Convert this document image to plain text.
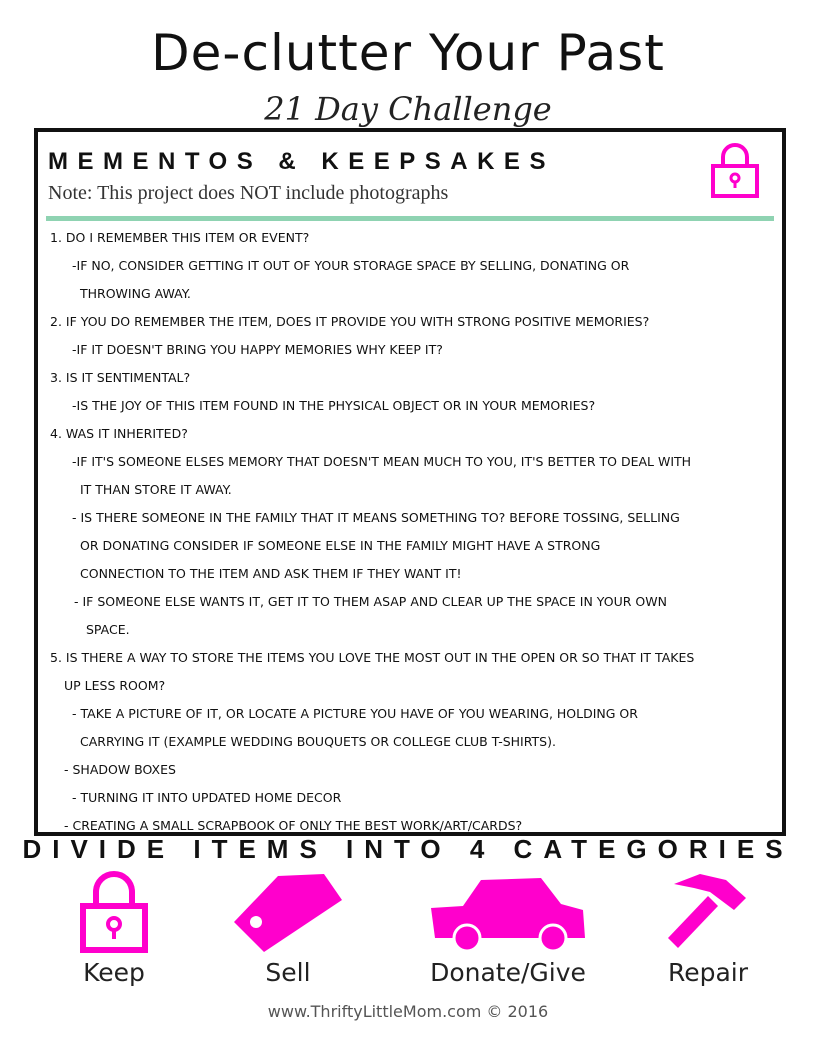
De-clutter Your Past
21 Day Challenge
MEMENTOS & KEEPSAKES
Note: This project does NOT include photographs
1. DO I REMEMBER THIS ITEM OR EVENT?
-IF NO, CONSIDER GETTING IT OUT OF YOUR STORAGE SPACE BY SELLING, DONATING OR
THROWING AWAY.
2. IF YOU DO REMEMBER THE ITEM, DOES IT PROVIDE YOU WITH STRONG POSITIVE MEMORIES?
-IF IT DOESN'T BRING YOU HAPPY MEMORIES WHY KEEP IT?
3. IS IT SENTIMENTAL?
-IS THE JOY OF THIS ITEM FOUND IN THE PHYSICAL OBJECT OR IN YOUR MEMORIES?
4. WAS IT INHERITED?
-IF IT'S SOMEONE ELSES MEMORY THAT DOESN'T MEAN MUCH TO YOU, IT'S BETTER TO DEAL WITH
IT THAN STORE IT AWAY.
- IS THERE SOMEONE IN THE FAMILY THAT IT MEANS SOMETHING TO? BEFORE TOSSING, SELLING
OR DONATING CONSIDER IF SOMEONE ELSE IN THE FAMILY MIGHT HAVE A STRONG
CONNECTION TO THE ITEM AND ASK THEM IF THEY WANT IT!
- IF SOMEONE ELSE WANTS IT, GET IT TO THEM ASAP AND CLEAR UP THE SPACE IN YOUR OWN
SPACE.
5. IS THERE A WAY TO STORE THE ITEMS YOU LOVE THE MOST OUT IN THE OPEN OR SO THAT IT TAKES
UP LESS ROOM?
- TAKE A PICTURE OF IT, OR LOCATE A PICTURE YOU HAVE OF YOU WEARING, HOLDING OR
CARRYING IT (EXAMPLE WEDDING BOUQUETS OR COLLEGE CLUB T-SHIRTS).
- SHADOW BOXES
- TURNING IT INTO UPDATED HOME DECOR
- CREATING A SMALL SCRAPBOOK OF ONLY THE BEST WORK/ART/CARDS?
DIVIDE ITEMS INTO 4 CATEGORIES
Keep	Sell	Donate/Give	Repair
www.ThriftyLittleMom.com © 2016
